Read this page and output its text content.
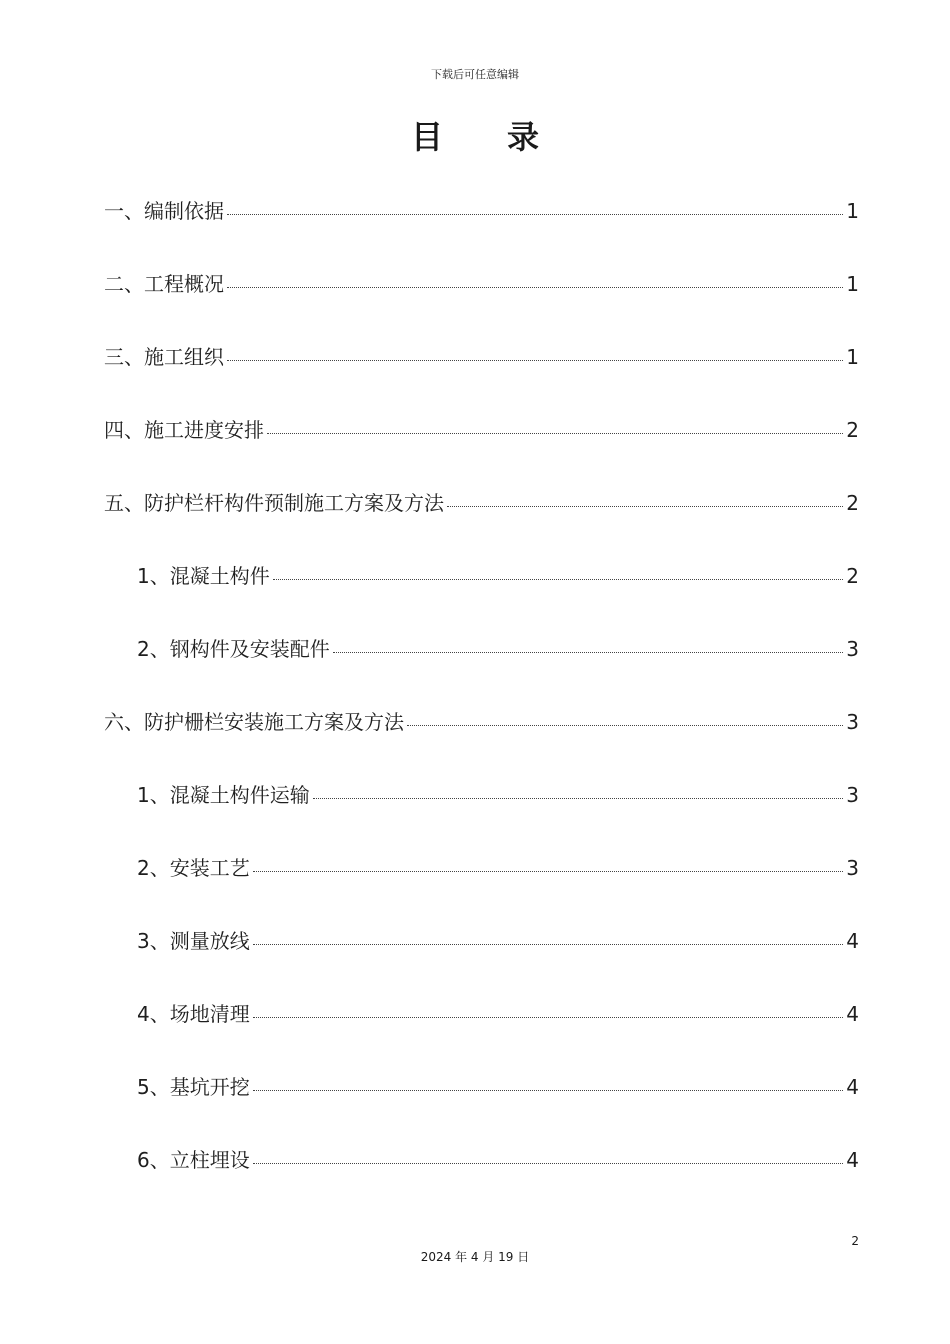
下载后可任意编辑
目 录
一、编制依据	1
二、工程概况	1
三、施工组织	1
四、施工进度安排	2
五、防护栏杆构件预制施工方案及方法	2
1、混凝土构件	2
2、钢构件及安装配件	3
六、防护栅栏安装施工方案及方法	3
1、混凝土构件运输	3
2、安装工艺	3
3、测量放线	4
4、场地清理	4
5、基坑开挖	4
6、立柱埋设	4
2
2024 年 4 月 19 日
